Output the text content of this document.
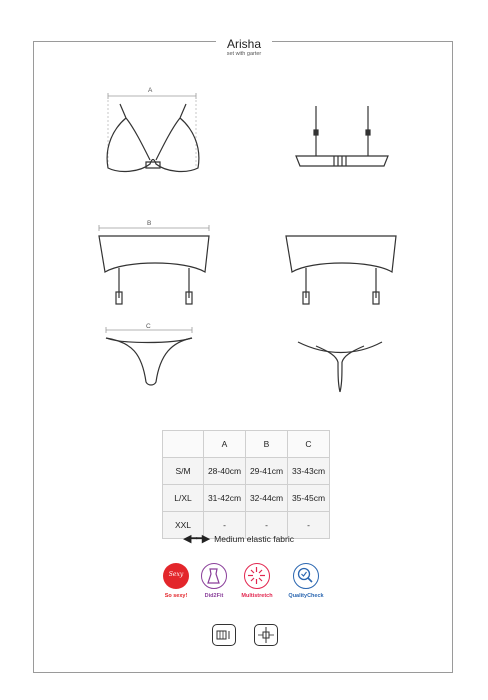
Arisha
set with garter
A
B
C
	A	B	C
S/M	28-40cm	29-41cm	33-43cm
L/XL	31-42cm	32-44cm	35-45cm
XXL	-	-	-
◀━━▶ Medium elastic fabric
Sexy
So sexy!	Did2Fit	Multistretch	QualityCheck
